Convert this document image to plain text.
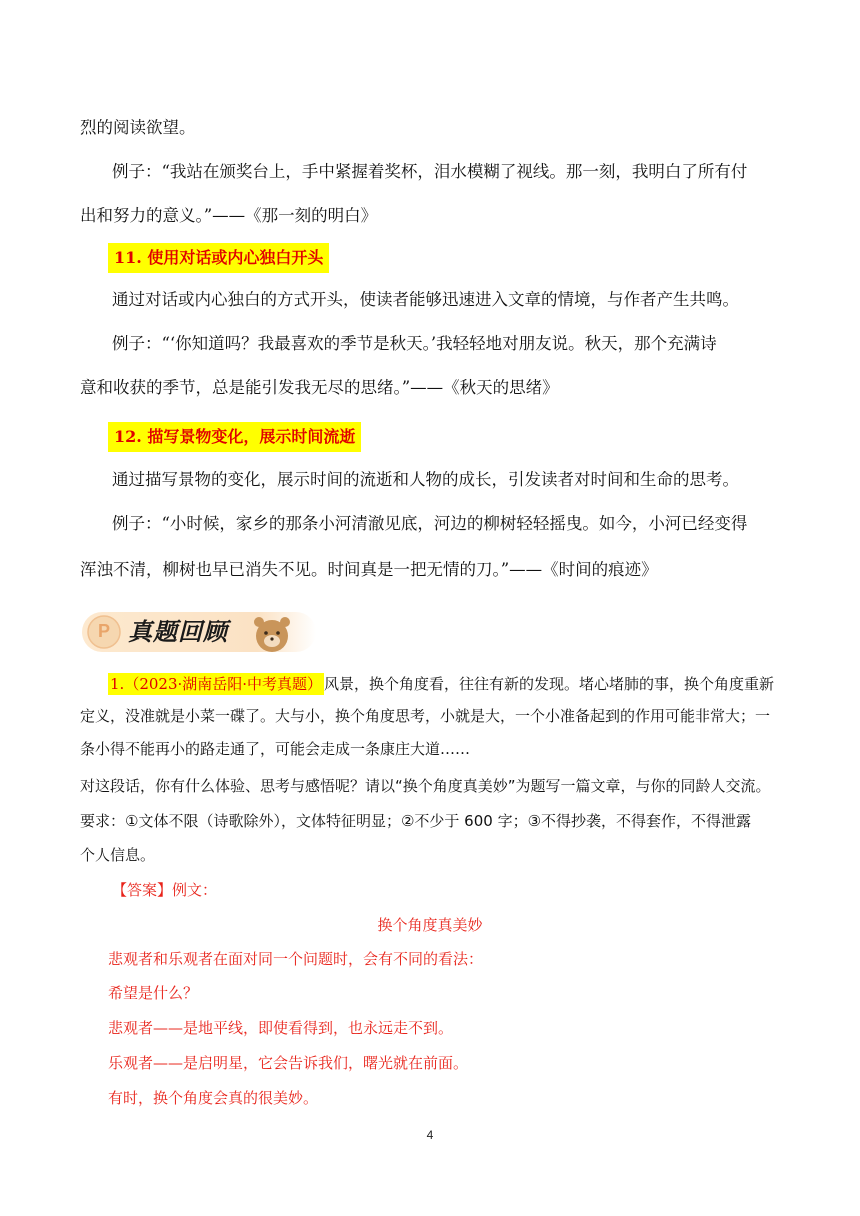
烈的阅读欲望。
例子：“我站在颁奖台上，手中紧握着奖杯，泪水模糊了视线。那一刻，我明白了所有付
出和努力的意义。”——《那一刻的明白》
11. 使用对话或内心独白开头
通过对话或内心独白的方式开头，使读者能够迅速进入文章的情境，与作者产生共鸣。
例子：“‘你知道吗？我最喜欢的季节是秋天。’我轻轻地对朋友说。秋天，那个充满诗
意和收获的季节，总是能引发我无尽的思绪。”——《秋天的思绪》
12. 描写景物变化，展示时间流逝
通过描写景物的变化，展示时间的流逝和人物的成长，引发读者对时间和生命的思考。
例子：“小时候，家乡的那条小河清澈见底，河边的柳树轻轻摇曳。如今，小河已经变得
浑浊不清，柳树也早已消失不见。时间真是一把无情的刀。”——《时间的痕迹》
P 真题回顾
1.（2023·湖南岳阳·中考真题） 风景，换个角度看，往往有新的发现。堵心堵肺的事，换个角度重新
定义，没准就是小菜一碟了。大与小，换个角度思考，小就是大，一个小准备起到的作用可能非常大；一
条小得不能再小的路走通了，可能会走成一条康庄大道……
对这段话，你有什么体验、思考与感悟呢？请以“换个角度真美妙”为题写一篇文章，与你的同龄人交流。
要求：①文体不限（诗歌除外），文体特征明显；②不少于 600 字；③不得抄袭，不得套作，不得泄露
个人信息。
【答案】例文：
换个角度真美妙
悲观者和乐观者在面对同一个问题时，会有不同的看法：
希望是什么？
悲观者——是地平线，即使看得到，也永远走不到。
乐观者——是启明星，它会告诉我们，曙光就在前面。
有时，换个角度会真的很美妙。
4
